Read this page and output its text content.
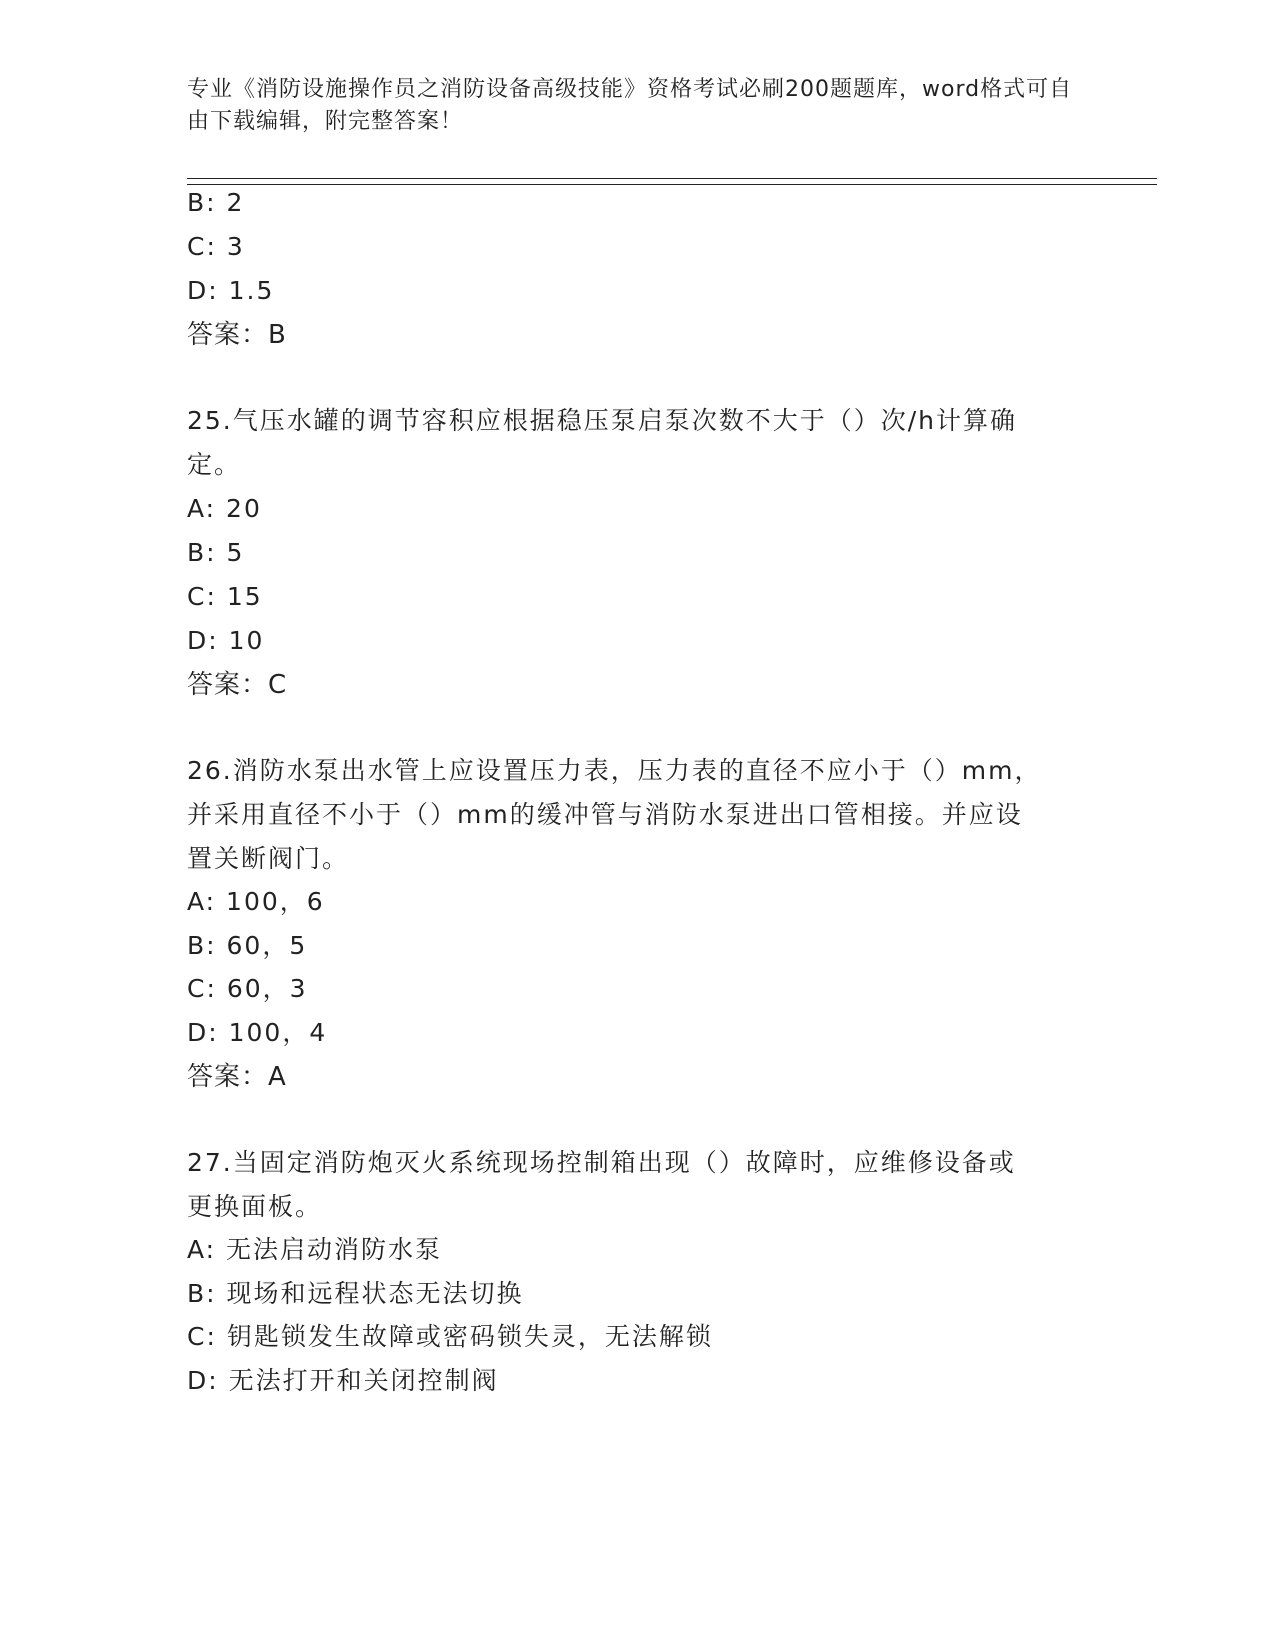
专业《消防设施操作员之消防设备高级技能》资格考试必刷200题题库，word格式可自由下载编辑，附完整答案！
B: 2
C: 3
D: 1.5
答案：B
25.气压水罐的调节容积应根据稳压泵启泵次数不大于（）次/h计算确
定。
A: 20
B: 5
C: 15
D: 10
答案：C
26.消防水泵出水管上应设置压力表，压力表的直径不应小于（）mm，
并采用直径不小于（）mm的缓冲管与消防水泵进出口管相接。并应设
置关断阀门。
A: 100，6
B: 60，5
C: 60，3
D: 100，4
答案：A
27.当固定消防炮灭火系统现场控制箱出现（）故障时，应维修设备或
更换面板。
A: 无法启动消防水泵
B: 现场和远程状态无法切换
C: 钥匙锁发生故障或密码锁失灵，无法解锁
D: 无法打开和关闭控制阀
